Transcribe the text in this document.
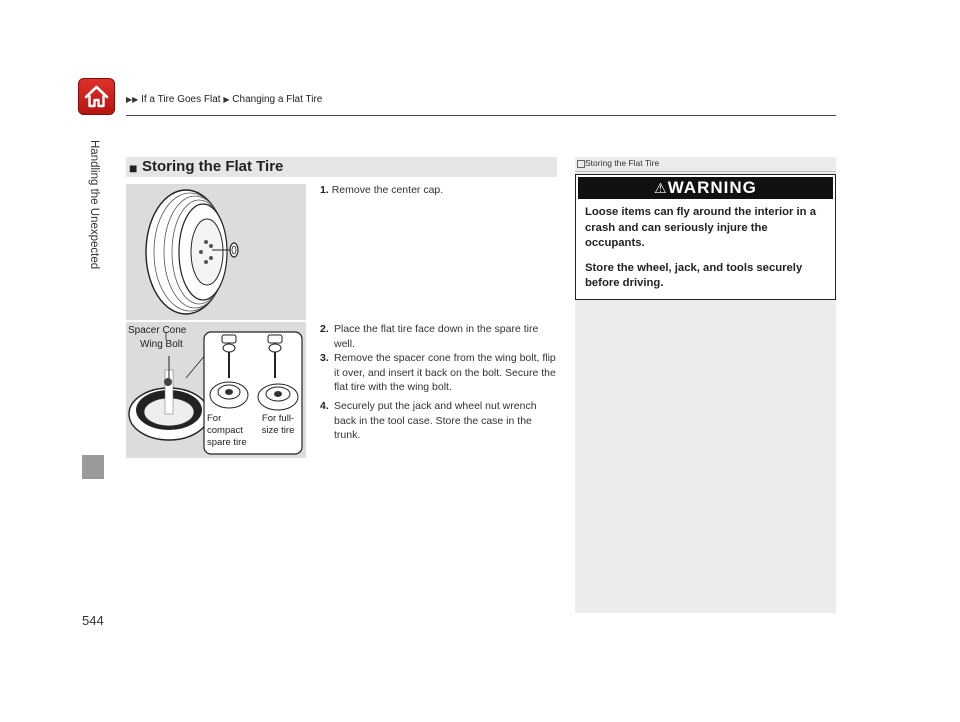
▶▶ If a Tire Goes Flat ▶ Changing a Flat Tire
Handling the Unexpected
544
■ Storing the Flat Tire
Spacer Cone
Wing Bolt
For compact spare tire
For full-size tire
1. Remove the center cap.
2. Place the flat tire face down in the spare tire well.
3. Remove the spacer cone from the wing bolt, flip it over, and insert it back on the bolt. Secure the flat tire with the wing bolt.
4. Securely put the jack and wheel nut wrench back in the tool case. Store the case in the trunk.
Storing the Flat Tire
⚠WARNING

Loose items can fly around the interior in a crash and can seriously injure the occupants.

Store the wheel, jack, and tools securely before driving.
